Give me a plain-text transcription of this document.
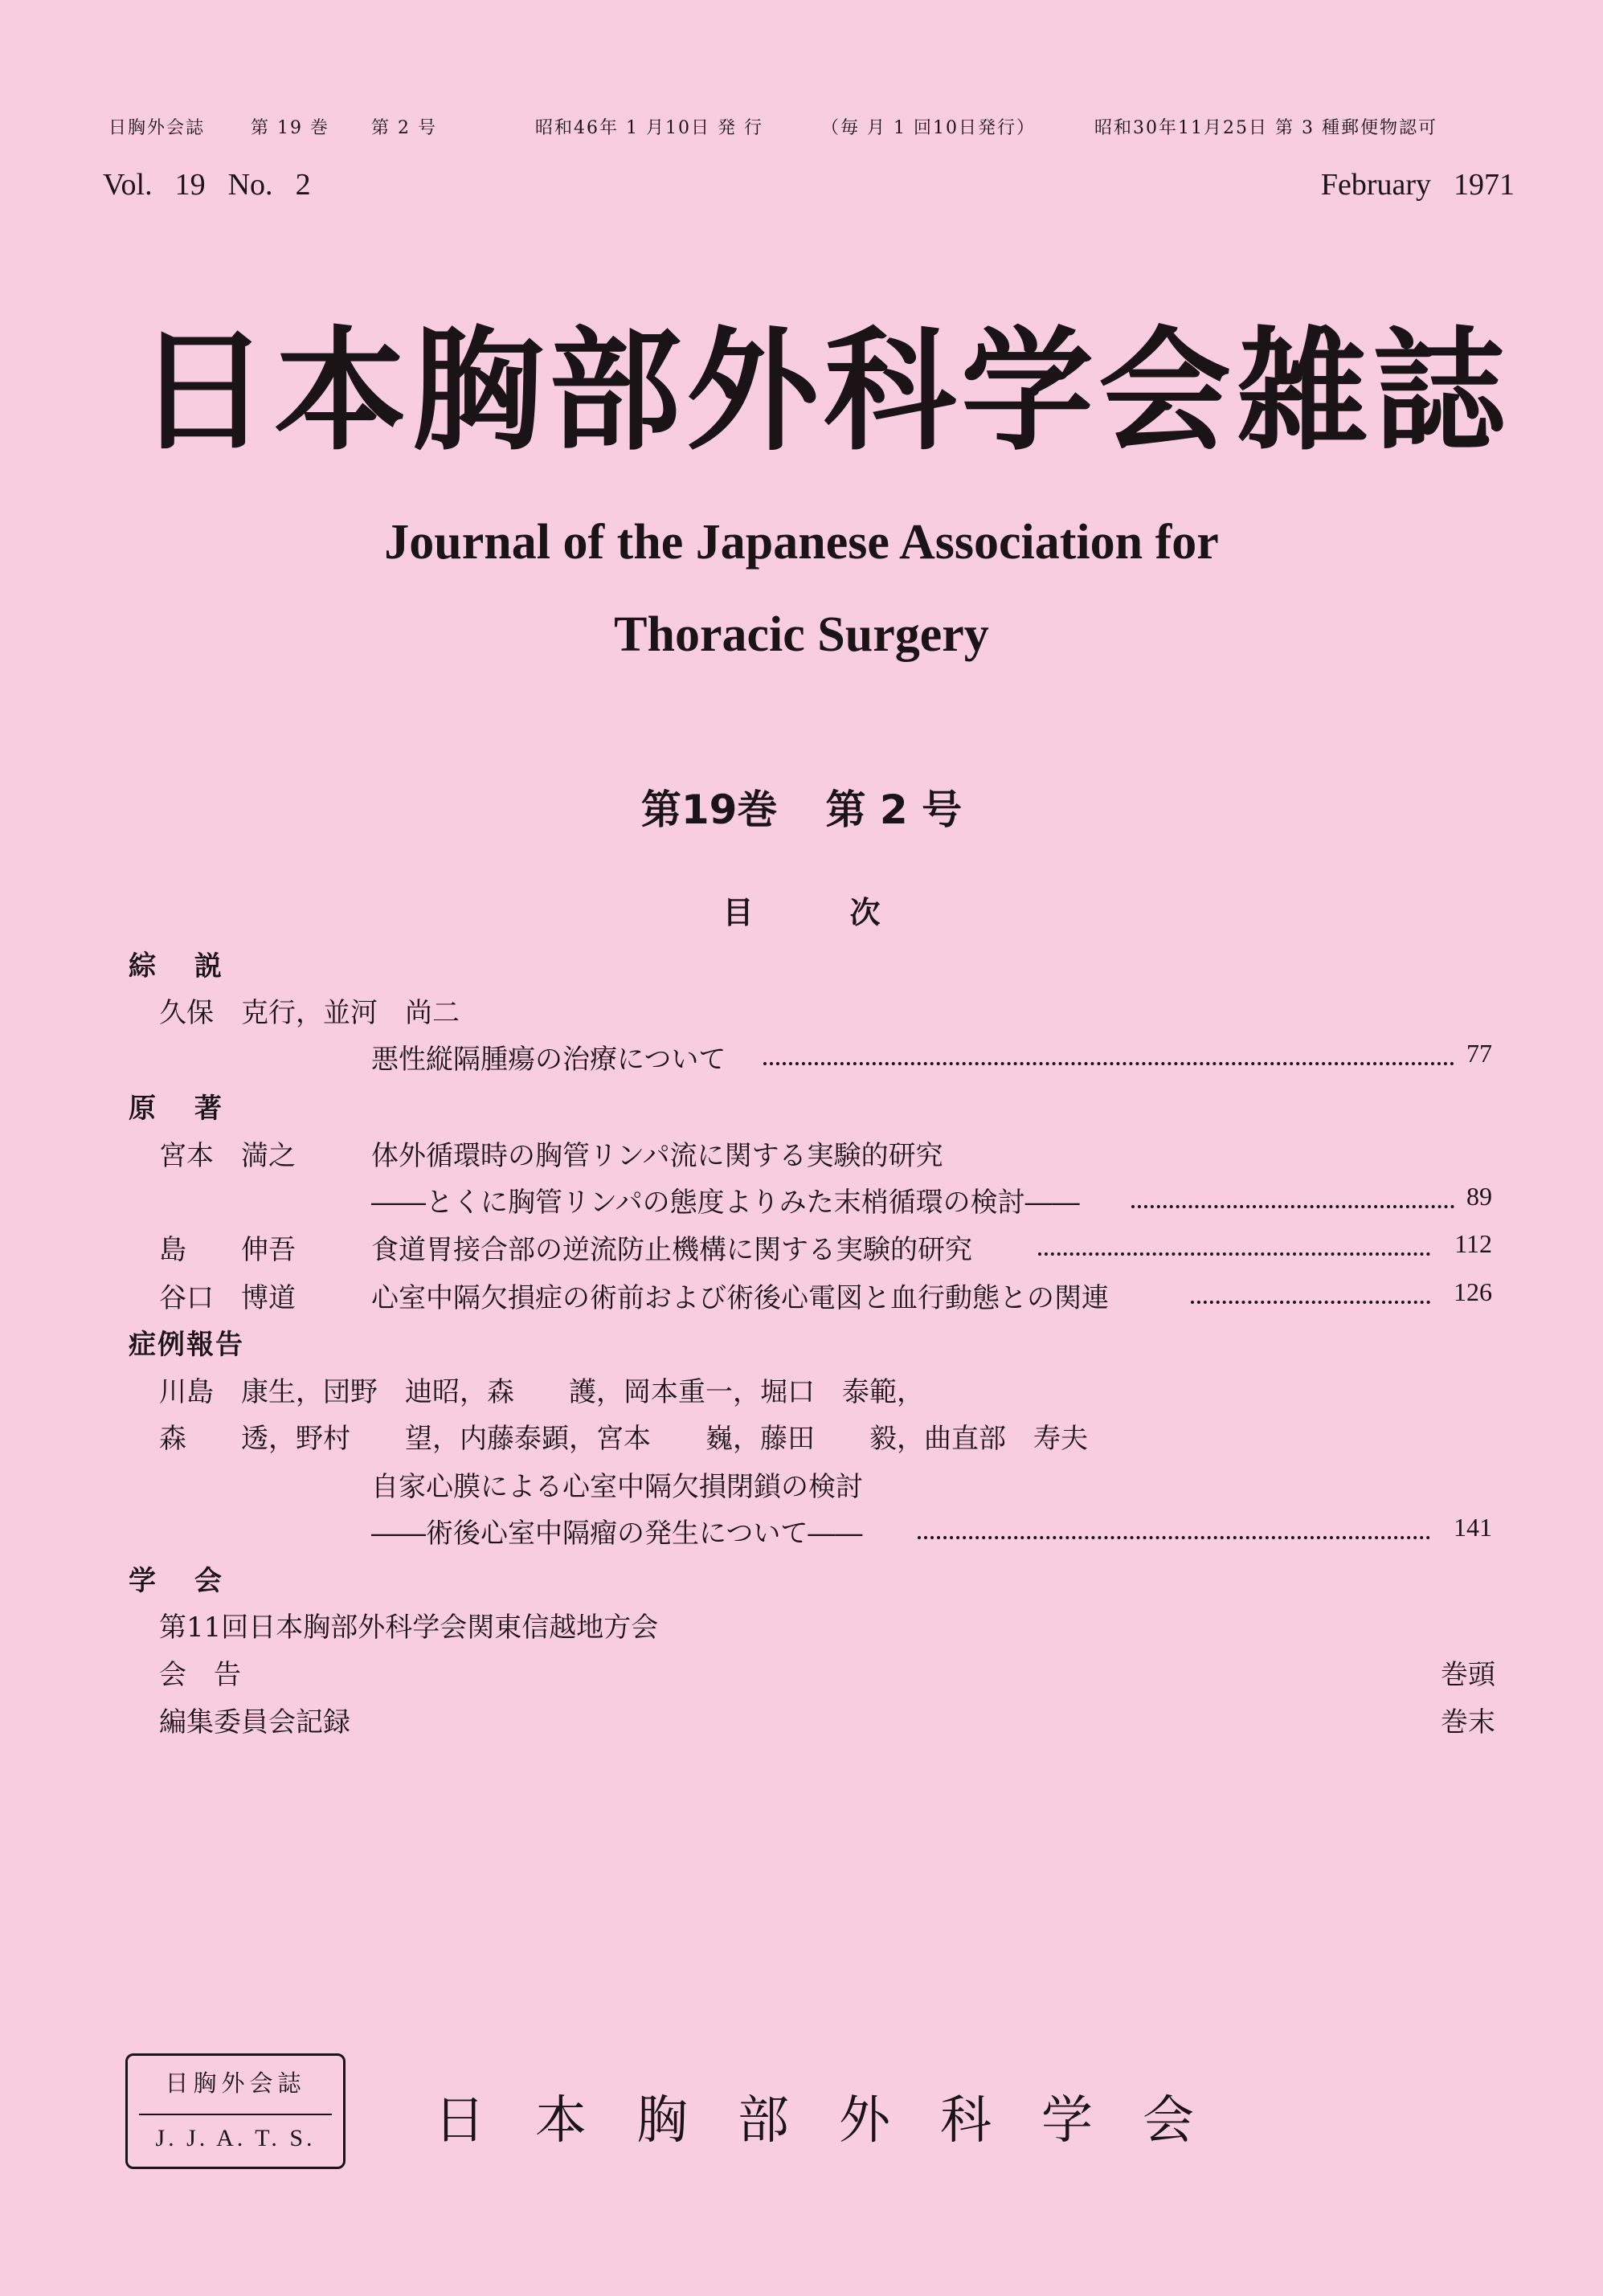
日胸外会誌	第 19 巻 第 2 号	昭和46年 1 月10日 発 行	（毎 月 1 回10日発行）	昭和30年11月25日 第 3 種郵便物認可
Vol. 19 No. 2	February 1971
日本胸部外科学会雑誌
Journal of the Japanese Association for
Thoracic Surgery
第19巻 第 2 号
目	次
綜 説
久保　克行，並河　尚二
悪性縦隔腫瘍の治療について	77
原 著
宮本　満之	体外循環時の胸管リンパ流に関する実験的研究
――とくに胸管リンパの態度よりみた末梢循環の検討――	89
島　　伸吾	食道胃接合部の逆流防止機構に関する実験的研究	112
谷口　博道	心室中隔欠損症の術前および術後心電図と血行動態との関連	126
症例報告
川島　康生，団野　迪昭，森　　護，岡本重一，堀口　泰範，
森　　透，野村　　望，内藤泰顕，宮本　　巍，藤田　　毅，曲直部　寿夫
自家心膜による心室中隔欠損閉鎖の検討
――術後心室中隔瘤の発生について――	141
学 会
第11回日本胸部外科学会関東信越地方会
会　告	巻頭
編集委員会記録	巻末
日胸外会誌
J. J. A. T. S.	日本胸部外科学会
